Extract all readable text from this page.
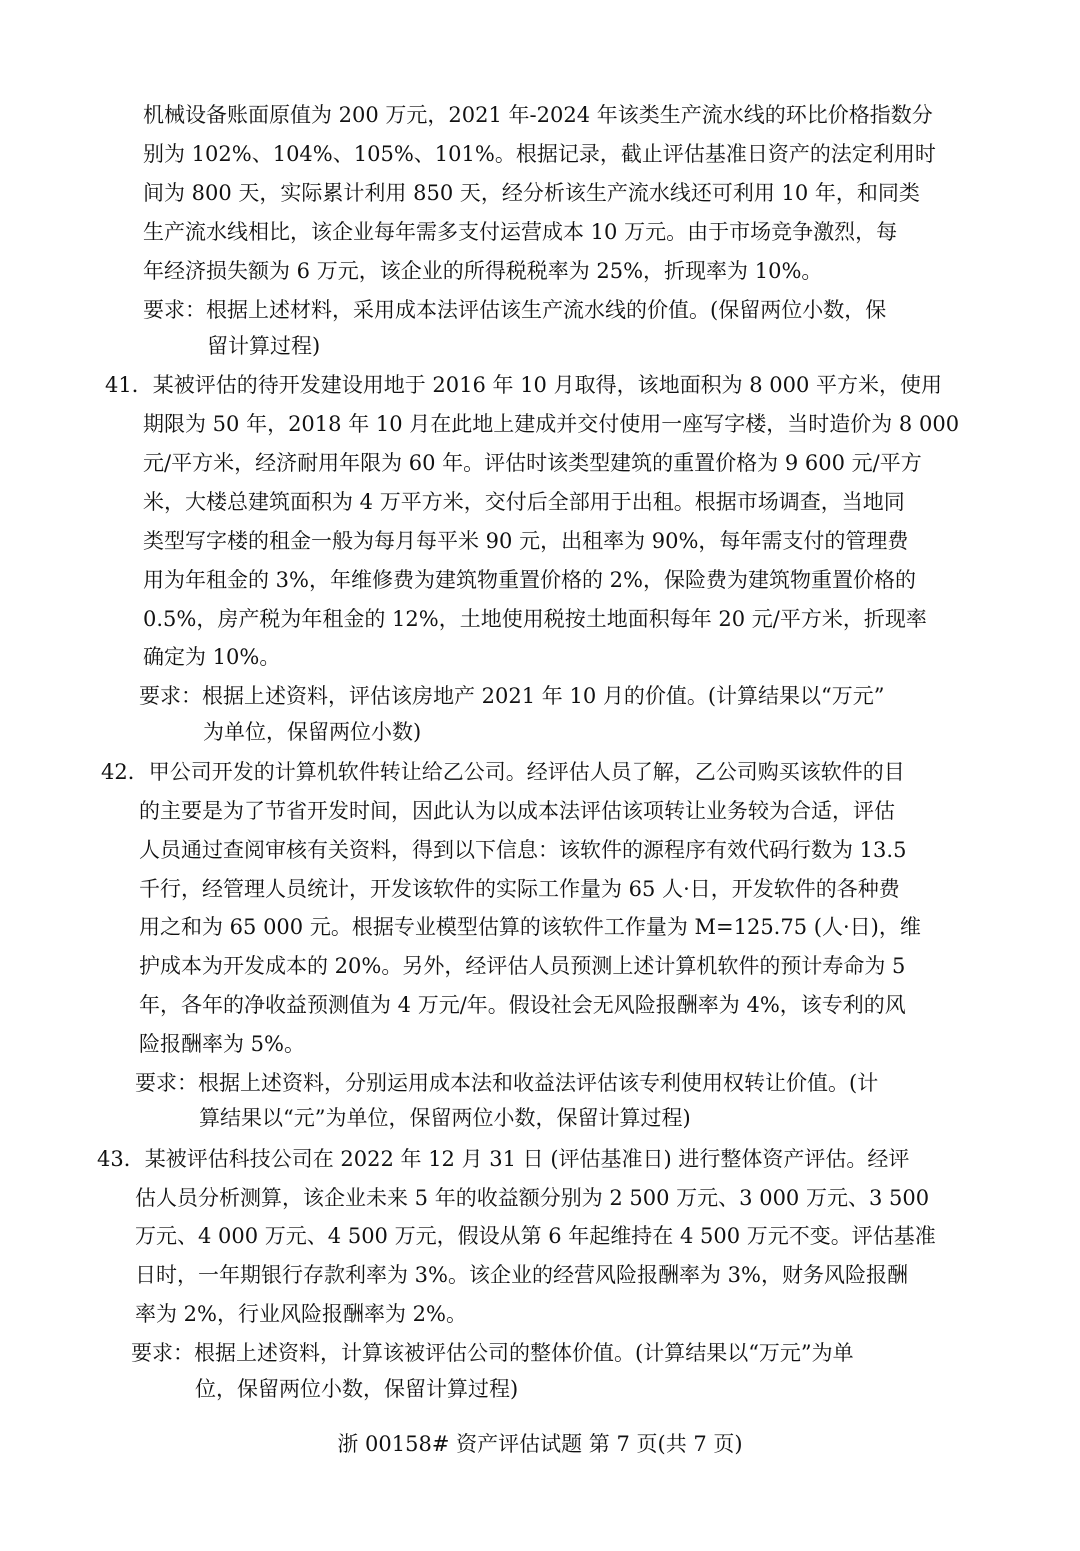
机械设备账面原值为 200 万元，2021 年-2024 年该类生产流水线的环比价格指数分
别为 102%、104%、105%、101%。根据记录，截止评估基准日资产的法定利用时
间为 800 天，实际累计利用 850 天，经分析该生产流水线还可利用 10 年，和同类
生产流水线相比，该企业每年需多支付运营成本 10 万元。由于市场竞争激烈，每
年经济损失额为 6 万元，该企业的所得税税率为 25%，折现率为 10%。
要求：根据上述材料，采用成本法评估该生产流水线的价值。(保留两位小数，保
留计算过程)
41．某被评估的待开发建设用地于 2016 年 10 月取得，该地面积为 8 000 平方米，使用
期限为 50 年，2018 年 10 月在此地上建成并交付使用一座写字楼，当时造价为 8 000
元/平方米，经济耐用年限为 60 年。评估时该类型建筑的重置价格为 9 600 元/平方
米，大楼总建筑面积为 4 万平方米，交付后全部用于出租。根据市场调查，当地同
类型写字楼的租金一般为每月每平米 90 元，出租率为 90%，每年需支付的管理费
用为年租金的 3%，年维修费为建筑物重置价格的 2%，保险费为建筑物重置价格的
0.5%，房产税为年租金的 12%，土地使用税按土地面积每年 20 元/平方米，折现率
确定为 10%。
要求：根据上述资料，评估该房地产 2021 年 10 月的价值。(计算结果以“万元”
为单位，保留两位小数)
42．甲公司开发的计算机软件转让给乙公司。经评估人员了解，乙公司购买该软件的目
的主要是为了节省开发时间，因此认为以成本法评估该项转让业务较为合适，评估
人员通过查阅审核有关资料，得到以下信息：该软件的源程序有效代码行数为 13.5
千行，经管理人员统计，开发该软件的实际工作量为 65 人·日，开发软件的各种费
用之和为 65 000 元。根据专业模型估算的该软件工作量为 M=125.75 (人·日)，维
护成本为开发成本的 20%。另外，经评估人员预测上述计算机软件的预计寿命为 5
年，各年的净收益预测值为 4 万元/年。假设社会无风险报酬率为 4%，该专利的风
险报酬率为 5%。
要求：根据上述资料，分别运用成本法和收益法评估该专利使用权转让价值。(计
算结果以“元”为单位，保留两位小数，保留计算过程)
43．某被评估科技公司在 2022 年 12 月 31 日 (评估基准日) 进行整体资产评估。经评
估人员分析测算，该企业未来 5 年的收益额分别为 2 500 万元、3 000 万元、3 500
万元、4 000 万元、4 500 万元，假设从第 6 年起维持在 4 500 万元不变。评估基准
日时，一年期银行存款利率为 3%。该企业的经营风险报酬率为 3%，财务风险报酬
率为 2%，行业风险报酬率为 2%。
要求：根据上述资料，计算该被评估公司的整体价值。(计算结果以“万元”为单
位，保留两位小数，保留计算过程)
浙 00158# 资产评估试题 第 7 页(共 7 页)
